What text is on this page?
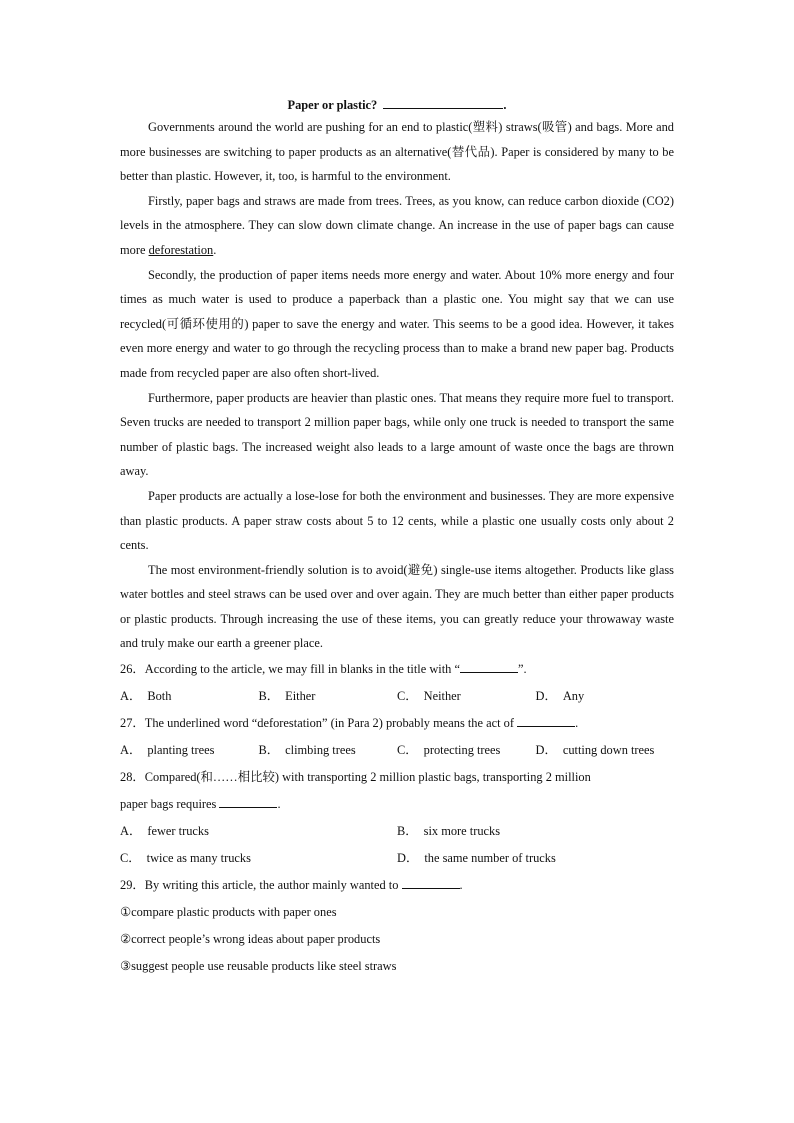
Paper or plastic?	.

Governments around the world are pushing for an end to plastic(塑料) straws(吸管) and bags. More and more businesses are switching to paper products as an alternative(替代品). Paper is considered by many to be better than plastic. However, it, too, is harmful to the environment.

Firstly, paper bags and straws are made from trees. Trees, as you know, can reduce carbon dioxide (CO2) levels in the atmosphere. They can slow down climate change. An increase in the use of paper bags can cause more deforestation.

Secondly, the production of paper items needs more energy and water. About 10% more energy and four times as much water is used to produce a paperback than a plastic one. You might say that we can use recycled(可循环使用的) paper to save the energy and water. This seems to be a good idea. However, it takes even more energy and water to go through the recycling process than to make a brand new paper bag. Products made from recycled paper are also often short-lived.

Furthermore, paper products are heavier than plastic ones. That means they require more fuel to transport. Seven trucks are needed to transport 2 million paper bags, while only one truck is needed to transport the same number of plastic bags. The increased weight also leads to a large amount of waste once the bags are thrown away.

Paper products are actually a lose-lose for both the environment and businesses. They are more expensive than plastic products. A paper straw costs about 5 to 12 cents, while a plastic one usually costs only about 2 cents.

The most environment-friendly solution is to avoid(避免) single-use items altogether. Products like glass water bottles and steel straws can be used over and over again. They are much better than either paper products or plastic products. Through increasing the use of these items, you can greatly reduce your throwaway waste and truly make our earth a greener place.

26．According to the article, we may fill in blanks in the title with “	”.

A． Both	B． Either	C． Neither	D． Any

27．The underlined word “deforestation” (in Para 2) probably means the act of	.

A． planting trees	B． climbing trees	C． protecting trees	D． cutting down trees

28．Compared(和……相比较) with transporting 2 million plastic bags, transporting 2 million
paper bags requires	.

A． fewer trucks	B． six more trucks
C． twice as many trucks	D． the same number of trucks

29．By writing this article, the author mainly wanted to	.

①compare plastic products with paper ones

②correct people’s wrong ideas about paper products

③suggest people use reusable products like steel straws
